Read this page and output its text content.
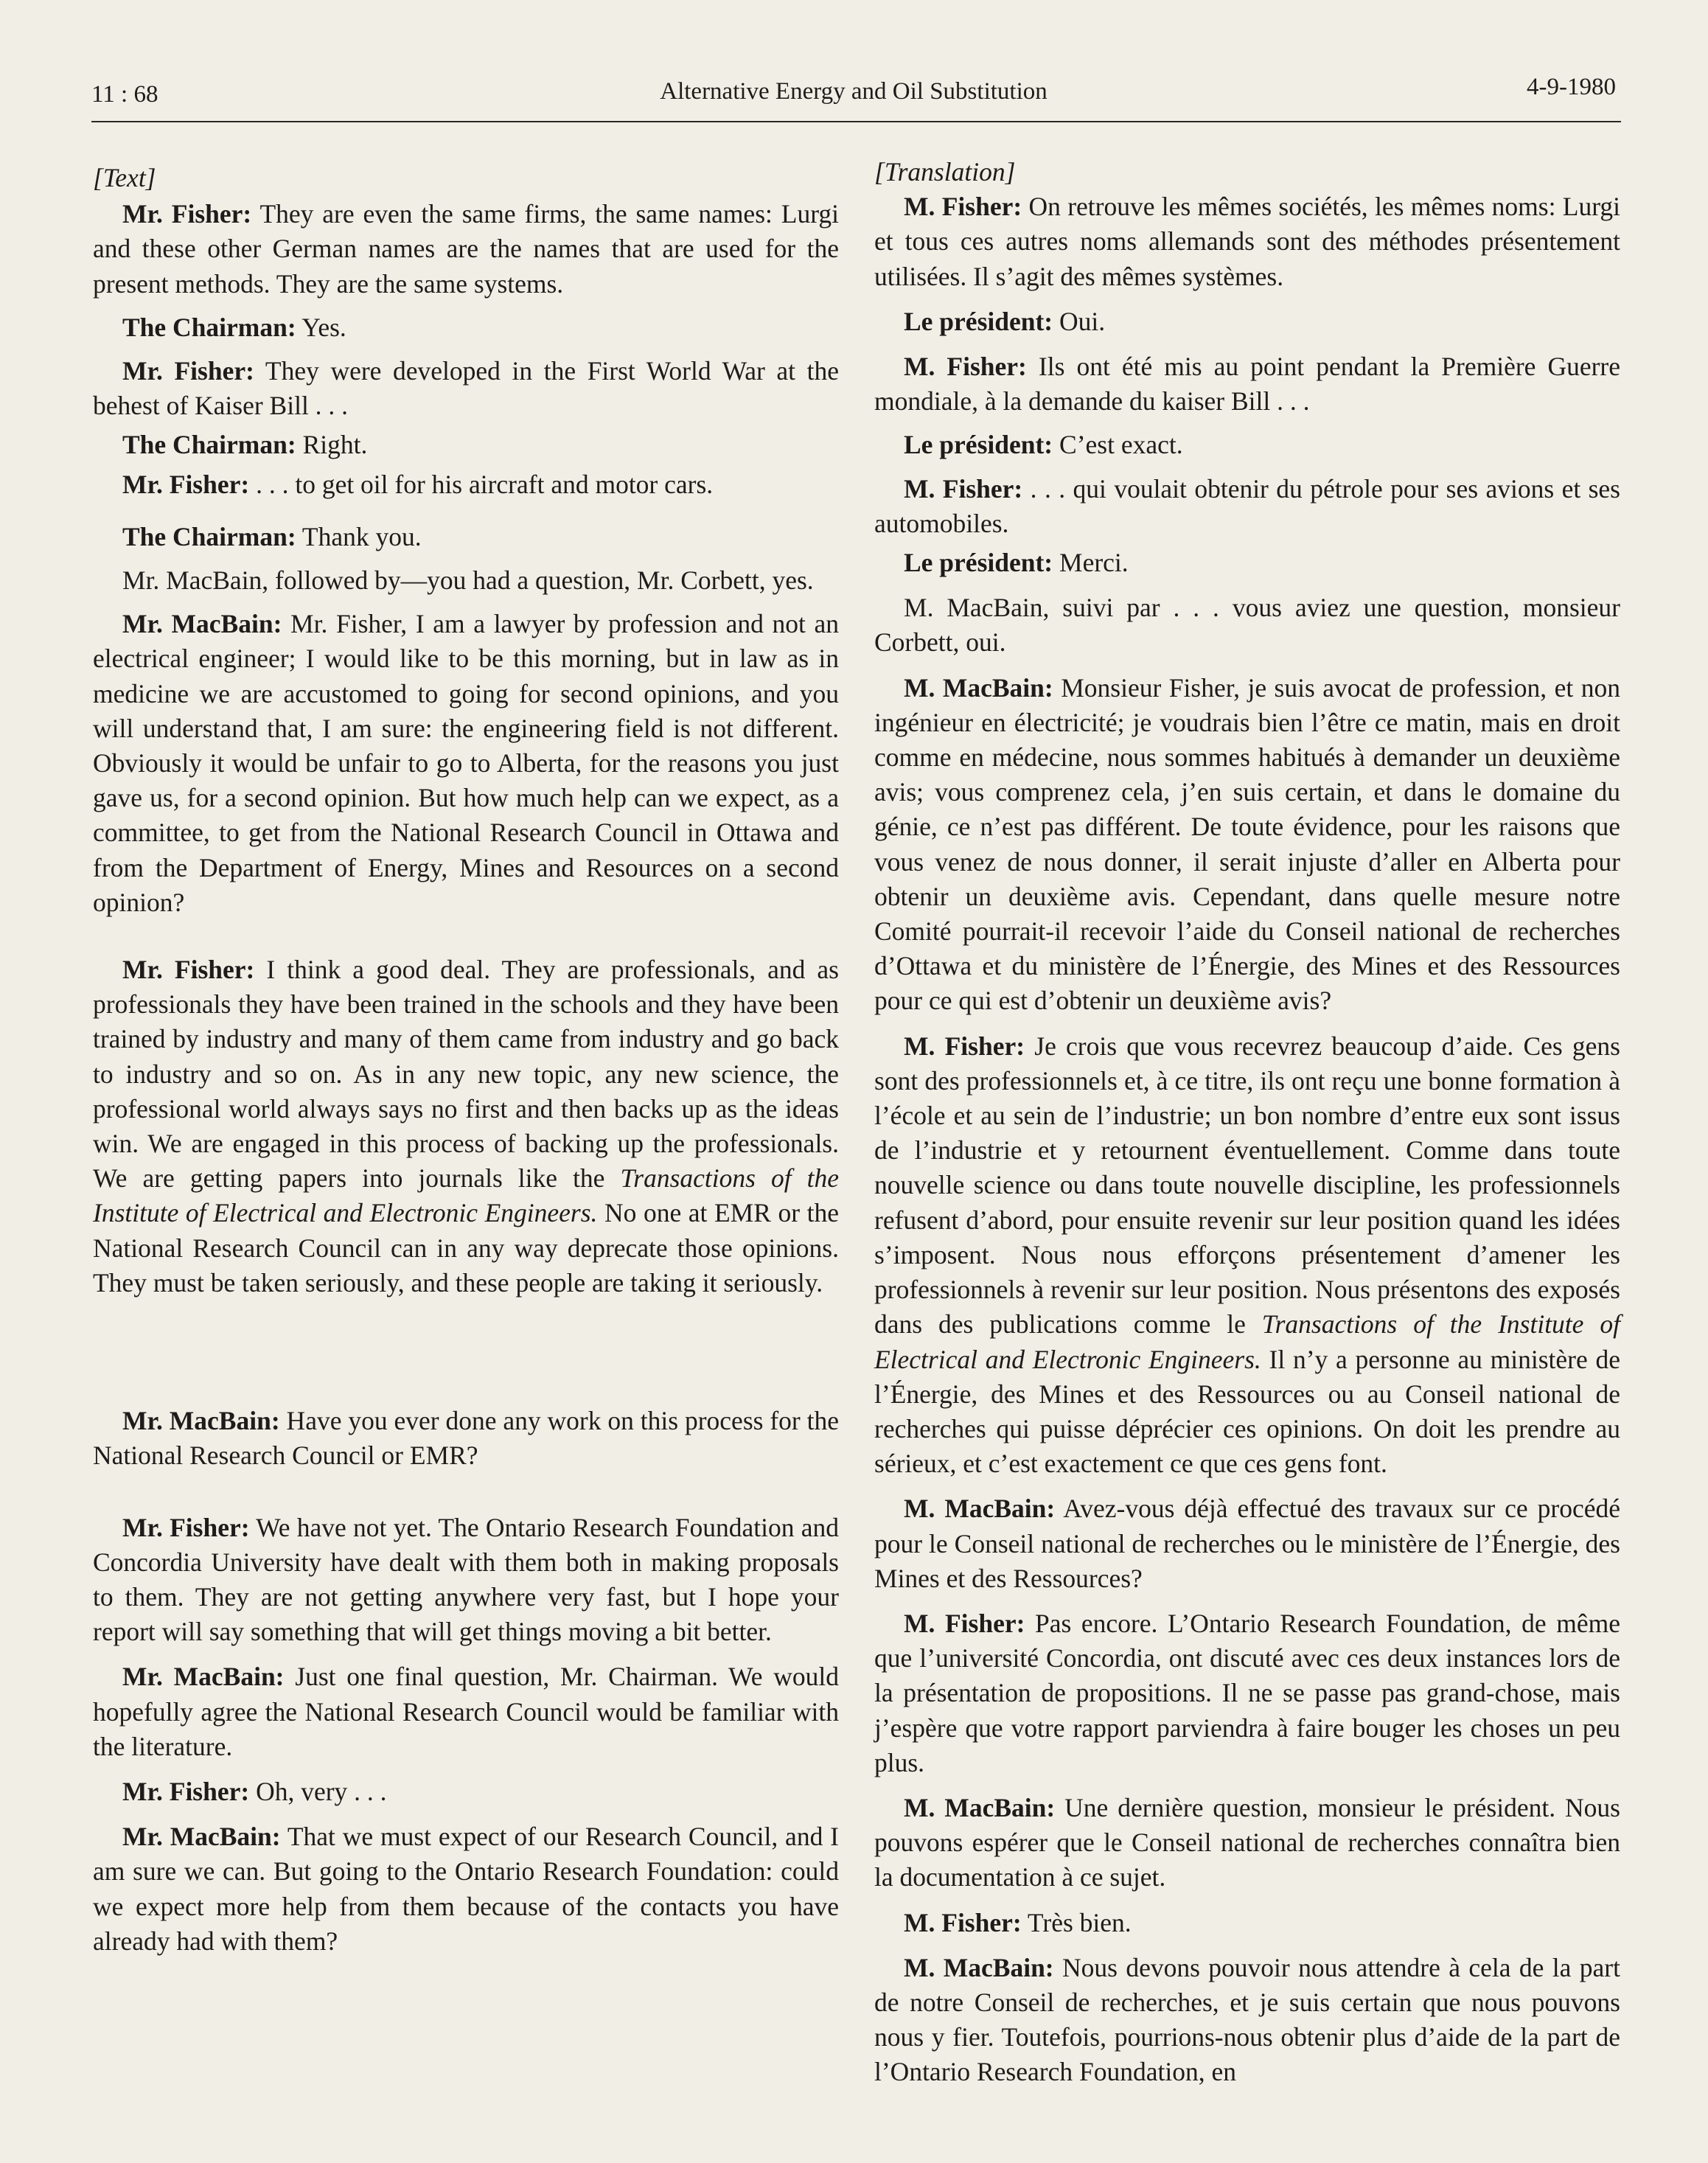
11 : 68	Alternative Energy and Oil Substitution	4-9-1980

[Text]

Mr. Fisher: They are even the same firms, the same names: Lurgi and these other German names are the names that are used for the present methods. They are the same systems.

The Chairman: Yes.

Mr. Fisher: They were developed in the First World War at the behest of Kaiser Bill . . .

The Chairman: Right.

Mr. Fisher: . . . to get oil for his aircraft and motor cars.

The Chairman: Thank you.

Mr. MacBain, followed by—you had a question, Mr. Corbett, yes.

Mr. MacBain: Mr. Fisher, I am a lawyer by profession and not an electrical engineer; I would like to be this morning, but in law as in medicine we are accustomed to going for second opinions, and you will understand that, I am sure: the engineering field is not different. Obviously it would be unfair to go to Alberta, for the reasons you just gave us, for a second opinion. But how much help can we expect, as a committee, to get from the National Research Council in Ottawa and from the Department of Energy, Mines and Resources on a second opinion?

Mr. Fisher: I think a good deal. They are professionals, and as professionals they have been trained in the schools and they have been trained by industry and many of them came from industry and go back to industry and so on. As in any new topic, any new science, the professional world always says no first and then backs up as the ideas win. We are engaged in this process of backing up the professionals. We are getting papers into journals like the Transactions of the Institute of Electrical and Electronic Engineers. No one at EMR or the National Research Council can in any way deprecate those opinions. They must be taken seriously, and these people are taking it seriously.

Mr. MacBain: Have you ever done any work on this process for the National Research Council or EMR?

Mr. Fisher: We have not yet. The Ontario Research Foundation and Concordia University have dealt with them both in making proposals to them. They are not getting anywhere very fast, but I hope your report will say something that will get things moving a bit better.

Mr. MacBain: Just one final question, Mr. Chairman. We would hopefully agree the National Research Council would be familiar with the literature.

Mr. Fisher: Oh, very . . .

Mr. MacBain: That we must expect of our Research Council, and I am sure we can. But going to the Ontario Research Foundation: could we expect more help from them because of the contacts you have already had with them?

[Translation]

M. Fisher: On retrouve les mêmes sociétés, les mêmes noms: Lurgi et tous ces autres noms allemands sont des méthodes présentement utilisées. Il s’agit des mêmes systèmes.

Le président: Oui.

M. Fisher: Ils ont été mis au point pendant la Première Guerre mondiale, à la demande du kaiser Bill . . .

Le président: C’est exact.

M. Fisher: . . . qui voulait obtenir du pétrole pour ses avions et ses automobiles.

Le président: Merci.

M. MacBain, suivi par . . . vous aviez une question, monsieur Corbett, oui.

M. MacBain: Monsieur Fisher, je suis avocat de profession, et non ingénieur en électricité; je voudrais bien l’être ce matin, mais en droit comme en médecine, nous sommes habitués à demander un deuxième avis; vous comprenez cela, j’en suis certain, et dans le domaine du génie, ce n’est pas différent. De toute évidence, pour les raisons que vous venez de nous donner, il serait injuste d’aller en Alberta pour obtenir un deuxième avis. Cependant, dans quelle mesure notre Comité pourrait-il recevoir l’aide du Conseil national de recherches d’Ottawa et du ministère de l’Énergie, des Mines et des Ressources pour ce qui est d’obtenir un deuxième avis?

M. Fisher: Je crois que vous recevrez beaucoup d’aide. Ces gens sont des professionnels et, à ce titre, ils ont reçu une bonne formation à l’école et au sein de l’industrie; un bon nombre d’entre eux sont issus de l’industrie et y retournent éventuellement. Comme dans toute nouvelle science ou dans toute nouvelle discipline, les professionnels refusent d’abord, pour ensuite revenir sur leur position quand les idées s’imposent. Nous nous efforçons présentement d’amener les professionnels à revenir sur leur position. Nous présentons des exposés dans des publications comme le Transactions of the Institute of Electrical and Electronic Engineers. Il n’y a personne au ministère de l’Énergie, des Mines et des Ressources ou au Conseil national de recherches qui puisse déprécier ces opinions. On doit les prendre au sérieux, et c’est exactement ce que ces gens font.

M. MacBain: Avez-vous déjà effectué des travaux sur ce procédé pour le Conseil national de recherches ou le ministère de l’Énergie, des Mines et des Ressources?

M. Fisher: Pas encore. L’Ontario Research Foundation, de même que l’université Concordia, ont discuté avec ces deux instances lors de la présentation de propositions. Il ne se passe pas grand-chose, mais j’espère que votre rapport parviendra à faire bouger les choses un peu plus.

M. MacBain: Une dernière question, monsieur le président. Nous pouvons espérer que le Conseil national de recherches connaîtra bien la documentation à ce sujet.

M. Fisher: Très bien.

M. MacBain: Nous devons pouvoir nous attendre à cela de la part de notre Conseil de recherches, et je suis certain que nous pouvons nous y fier. Toutefois, pourrions-nous obtenir plus d’aide de la part de l’Ontario Research Foundation, en
